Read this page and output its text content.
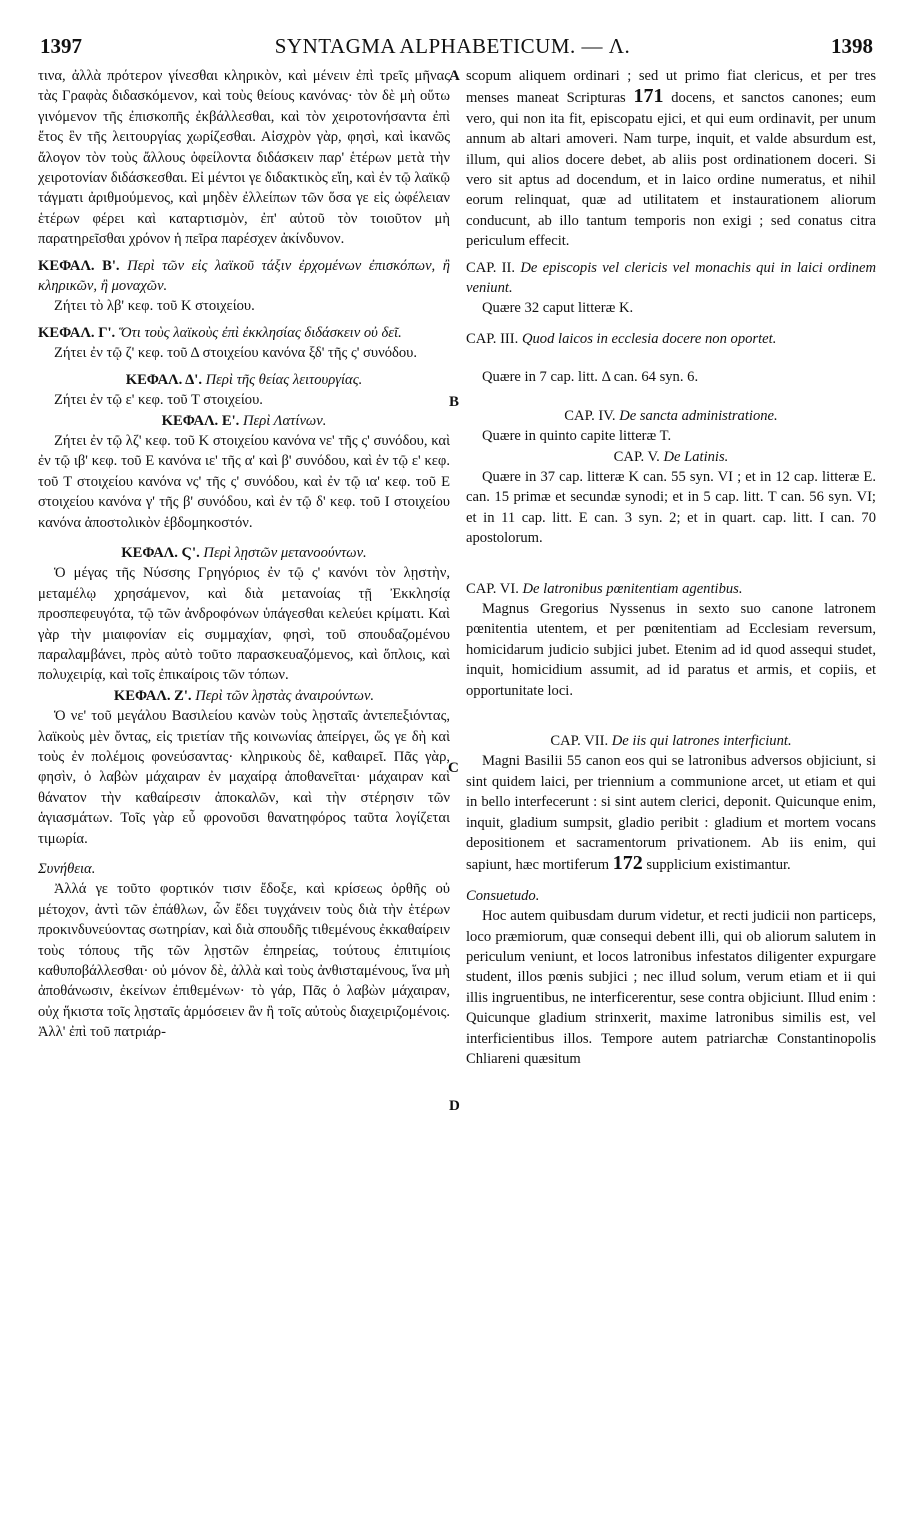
1397	SYNTAGMA ALPHABETICUM. — Λ.	1398
A
B
C
D

τινα, ἀλλὰ πρότερον γίνεσθαι κληρικὸν, καὶ μένειν ἐπὶ τρεῖς μῆνας τὰς Γραφὰς διδασκόμενον, καὶ τοὺς θείους κανόνας· τὸν δὲ μὴ οὕτω γινόμενον τῆς ἐπισκοπῆς ἐκβάλλεσθαι, καὶ τὸν χειροτονήσαντα ἐπὶ ἔτος ἓν τῆς λειτουργίας χωρίζεσθαι. Αἰσχρὸν γὰρ, φησὶ, καὶ ἱκανῶς ἄλογον τὸν τοὺς ἄλλους ὀφείλοντα διδάσκειν παρ' ἑτέρων μετὰ τὴν χειροτονίαν διδάσκεσθαι. Εἰ μέντοι γε διδακτικὸς εἴη, καὶ ἐν τῷ λαϊκῷ τάγματι ἀριθμούμενος, καὶ μηδὲν ἐλλείπων τῶν ὅσα γε εἰς ὠφέλειαν ἑτέρων φέρει καὶ καταρτισμὸν, ἐπ' αὐτοῦ τὸν τοιοῦτον μὴ παρατηρεῖσθαι χρόνον ἡ πεῖρα παρέσχεν ἀκίνδυνον.

ΚΕΦΑΛ. Β'. Περὶ τῶν εἰς λαϊκοῦ τάξιν ἐρχομένων ἐπισκόπων, ἢ κληρικῶν, ἢ μοναχῶν.

Ζήτει τὸ λβ' κεφ. τοῦ Κ στοιχείου.

ΚΕΦΑΛ. Γ'. Ὅτι τοὺς λαϊκοὺς ἐπὶ ἐκκλησίας διδάσκειν οὐ δεῖ.

Ζήτει ἐν τῷ ζ' κεφ. τοῦ Δ στοιχείου κανόνα ξδ' τῆς ς' συνόδου.

ΚΕΦΑΛ. Δ'. Περὶ τῆς θείας λειτουργίας.

Ζήτει ἐν τῷ ε' κεφ. τοῦ Τ στοιχείου.

ΚΕΦΑΛ. Ε'. Περὶ Λατίνων.

Ζήτει ἐν τῷ λζ' κεφ. τοῦ Κ στοιχείου κανόνα νε' τῆς ς' συνόδου, καὶ ἐν τῷ ιβ' κεφ. τοῦ Ε κανόνα ιε' τῆς α' καὶ β' συνόδου, καὶ ἐν τῷ ε' κεφ. τοῦ Τ στοιχείου κανόνα νς' τῆς ς' συνόδου, καὶ ἐν τῷ ια' κεφ. τοῦ Ε στοιχείου κανόνα γ' τῆς β' συνόδου, καὶ ἐν τῷ δ' κεφ. τοῦ Ι στοιχείου κανόνα ἀποστολικὸν ἑβδομηκοστόν.

ΚΕΦΑΛ. Ϛ'. Περὶ λῃστῶν μετανοούντων.

Ὁ μέγας τῆς Νύσσης Γρηγόριος ἐν τῷ ς' κανόνι τὸν λῃστὴν, μεταμέλῳ χρησάμενον, καὶ διὰ μετανοίας τῇ Ἐκκλησίᾳ προσπεφευγότα, τῷ τῶν ἀνδροφόνων ὑπάγεσθαι κελεύει κρίματι. Καὶ γὰρ τὴν μιαιφονίαν εἰς συμμαχίαν, φησὶ, τοῦ σπουδαζομένου παραλαμβάνει, πρὸς αὐτὸ τοῦτο παρασκευαζόμενος, καὶ ὅπλοις, καὶ πολυχειρίᾳ, καὶ τοῖς ἐπικαίροις τῶν τόπων.

ΚΕΦΑΛ. Ζ'. Περὶ τῶν λῃστὰς ἀναιρούντων.

Ὁ νε' τοῦ μεγάλου Βασιλείου κανὼν τοὺς λῃσταῖς ἀντεπεξιόντας, λαϊκοὺς μὲν ὄντας, εἰς τριετίαν τῆς κοινωνίας ἀπείργει, ὥς γε δὴ καὶ τοὺς ἐν πολέμοις φονεύσαντας· κληρικοὺς δὲ, καθαιρεῖ. Πᾶς γὰρ, φησὶν, ὁ λαβὼν μάχαιραν ἐν μαχαίρᾳ ἀποθανεῖται· μάχαιραν καὶ θάνατον τὴν καθαίρεσιν ἀποκαλῶν, καὶ τὴν στέρησιν τῶν ἁγιασμάτων. Τοῖς γὰρ εὖ φρονοῦσι θανατηφόρος ταῦτα λογίζεται τιμωρία.

Συνήθεια.

Ἀλλά γε τοῦτο φορτικόν τισιν ἔδοξε, καὶ κρίσεως ὀρθῆς οὐ μέτοχον, ἀντὶ τῶν ἐπάθλων, ὧν ἔδει τυγχάνειν τοὺς διὰ τὴν ἑτέρων προκινδυνεύοντας σωτηρίαν, καὶ διὰ σπουδῆς τιθεμένους ἐκκαθαίρειν τοὺς τόπους τῆς τῶν λῃστῶν ἐπηρείας, τούτους ἐπιτιμίοις καθυποβάλλεσθαι· οὐ μόνον δὲ, ἀλλὰ καὶ τοὺς ἀνθισταμένους, ἵνα μὴ ἀποθάνωσιν, ἐκείνων ἐπιθεμένων· τὸ γάρ, Πᾶς ὁ λαβὼν μάχαιραν, οὐχ ἥκιστα τοῖς λῃσταῖς ἁρμόσειεν ἂν ἢ τοῖς αὐτοὺς διαχειριζομένοις. Ἀλλ' ἐπὶ τοῦ πατριάρ-

scopum aliquem ordinari ; sed ut primo fiat clericus, et per tres menses maneat Scripturas 171 docens, et sanctos canones; eum vero, qui non ita fit, episcopatu ejici, et qui eum ordinavit, per unum annum ab altari amoveri. Nam turpe, inquit, et valde absurdum est, illum, qui alios docere debet, ab aliis post ordinationem doceri. Si vero sit aptus ad docendum, et in laico ordine numeratus, et nihil eorum relinquat, quæ ad utilitatem et instaurationem aliorum conducunt, ab illo tantum temporis non exigi ; sed conatus citra periculum effecit.

CAP. II. De episcopis vel clericis vel monachis qui in laici ordinem veniunt.

Quære 32 caput litteræ K.

CAP. III. Quod laicos in ecclesia docere non oportet.

Quære in 7 cap. litt. Δ can. 64 syn. 6.

CAP. IV. De sancta administratione.

Quære in quinto capite litteræ T.

CAP. V. De Latinis.

Quære in 37 cap. litteræ K can. 55 syn. VI ; et in 12 cap. litteræ E. can. 15 primæ et secundæ synodi; et in 5 cap. litt. T can. 56 syn. VI; et in 11 cap. litt. E can. 3 syn. 2; et in quart. cap. litt. I can. 70 apostolorum.

CAP. VI. De latronibus pœnitentiam agentibus.

Magnus Gregorius Nyssenus in sexto suo canone latronem pœnitentia utentem, et per pœnitentiam ad Ecclesiam reversum, homicidarum judicio subjici jubet. Etenim ad id quod assequi studet, inquit, homicidium assumit, ad id paratus et armis, et copiis, et opportunitate loci.

CAP. VII. De iis qui latrones interficiunt.

Magni Basilii 55 canon eos qui se latronibus adversos objiciunt, si sint quidem laici, per triennium a communione arcet, ut etiam et qui in bello interfecerunt : si sint autem clerici, deponit. Quicunque enim, inquit, gladium sumpsit, gladio peribit : gladium et mortem vocans depositionem et sacramentorum privationem. Ab iis enim, qui sapiunt, hæc mortiferum 172 supplicium existimantur.

Consuetudo.

Hoc autem quibusdam durum videtur, et recti judicii non particeps, loco præmiorum, quæ consequi debent illi, qui ob aliorum salutem in periculum veniunt, et locos latronibus infestatos diligenter expurgare student, illos pœnis subjici ; nec illud solum, verum etiam et ii qui illis ingruentibus, ne interficerentur, sese contra objiciunt. Illud enim : Quicunque gladium strinxerit, maxime latronibus similis est, vel interficientibus illos. Tempore autem patriarchæ Constantinopolis Chliareni quæsitum
